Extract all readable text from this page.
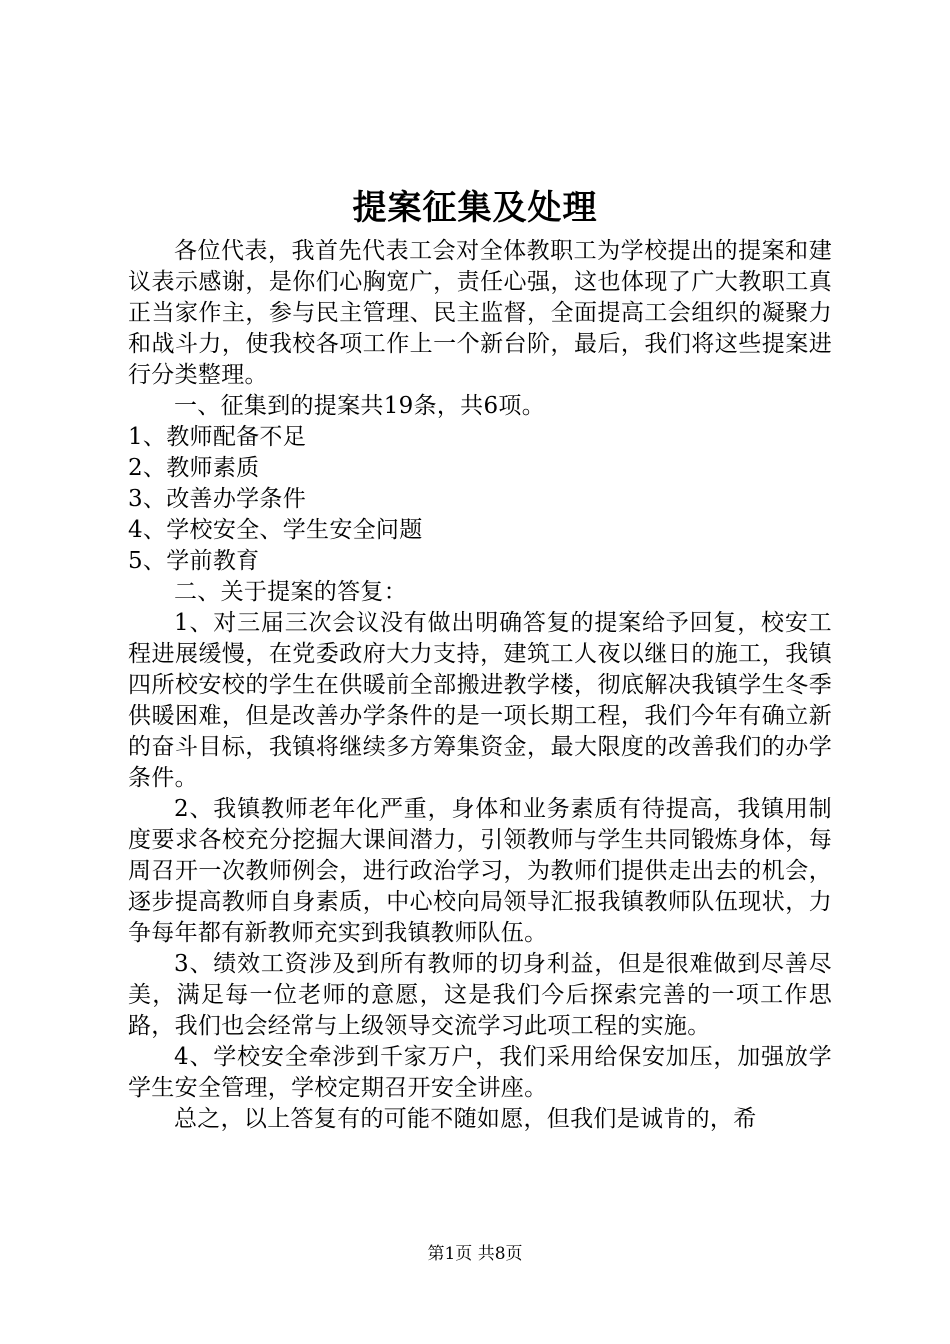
提案征集及处理

各位代表，我首先代表工会对全体教职工为学校提出的提案和建议表示感谢，是你们心胸宽广，责任心强，这也体现了广大教职工真正当家作主，参与民主管理、民主监督，全面提高工会组织的凝聚力和战斗力，使我校各项工作上一个新台阶，最后，我们将这些提案进行分类整理。

一、征集到的提案共19条，共6项。

1、教师配备不足

2、教师素质

3、改善办学条件

4、学校安全、学生安全问题

5、学前教育

二、关于提案的答复：

1、对三届三次会议没有做出明确答复的提案给予回复，校安工程进展缓慢，在党委政府大力支持，建筑工人夜以继日的施工，我镇四所校安校的学生在供暖前全部搬进教学楼，彻底解决我镇学生冬季供暖困难，但是改善办学条件的是一项长期工程，我们今年有确立新的奋斗目标，我镇将继续多方筹集资金，最大限度的改善我们的办学条件。

2、我镇教师老年化严重，身体和业务素质有待提高，我镇用制度要求各校充分挖掘大课间潜力，引领教师与学生共同锻炼身体，每周召开一次教师例会，进行政治学习，为教师们提供走出去的机会，逐步提高教师自身素质，中心校向局领导汇报我镇教师队伍现状，力争每年都有新教师充实到我镇教师队伍。

3、绩效工资涉及到所有教师的切身利益，但是很难做到尽善尽美，满足每一位老师的意愿，这是我们今后探索完善的一项工作思路，我们也会经常与上级领导交流学习此项工程的实施。

4、学校安全牵涉到千家万户，我们采用给保安加压，加强放学学生安全管理，学校定期召开安全讲座。

总之，以上答复有的可能不随如愿，但我们是诚肯的，希

第1页 共8页
